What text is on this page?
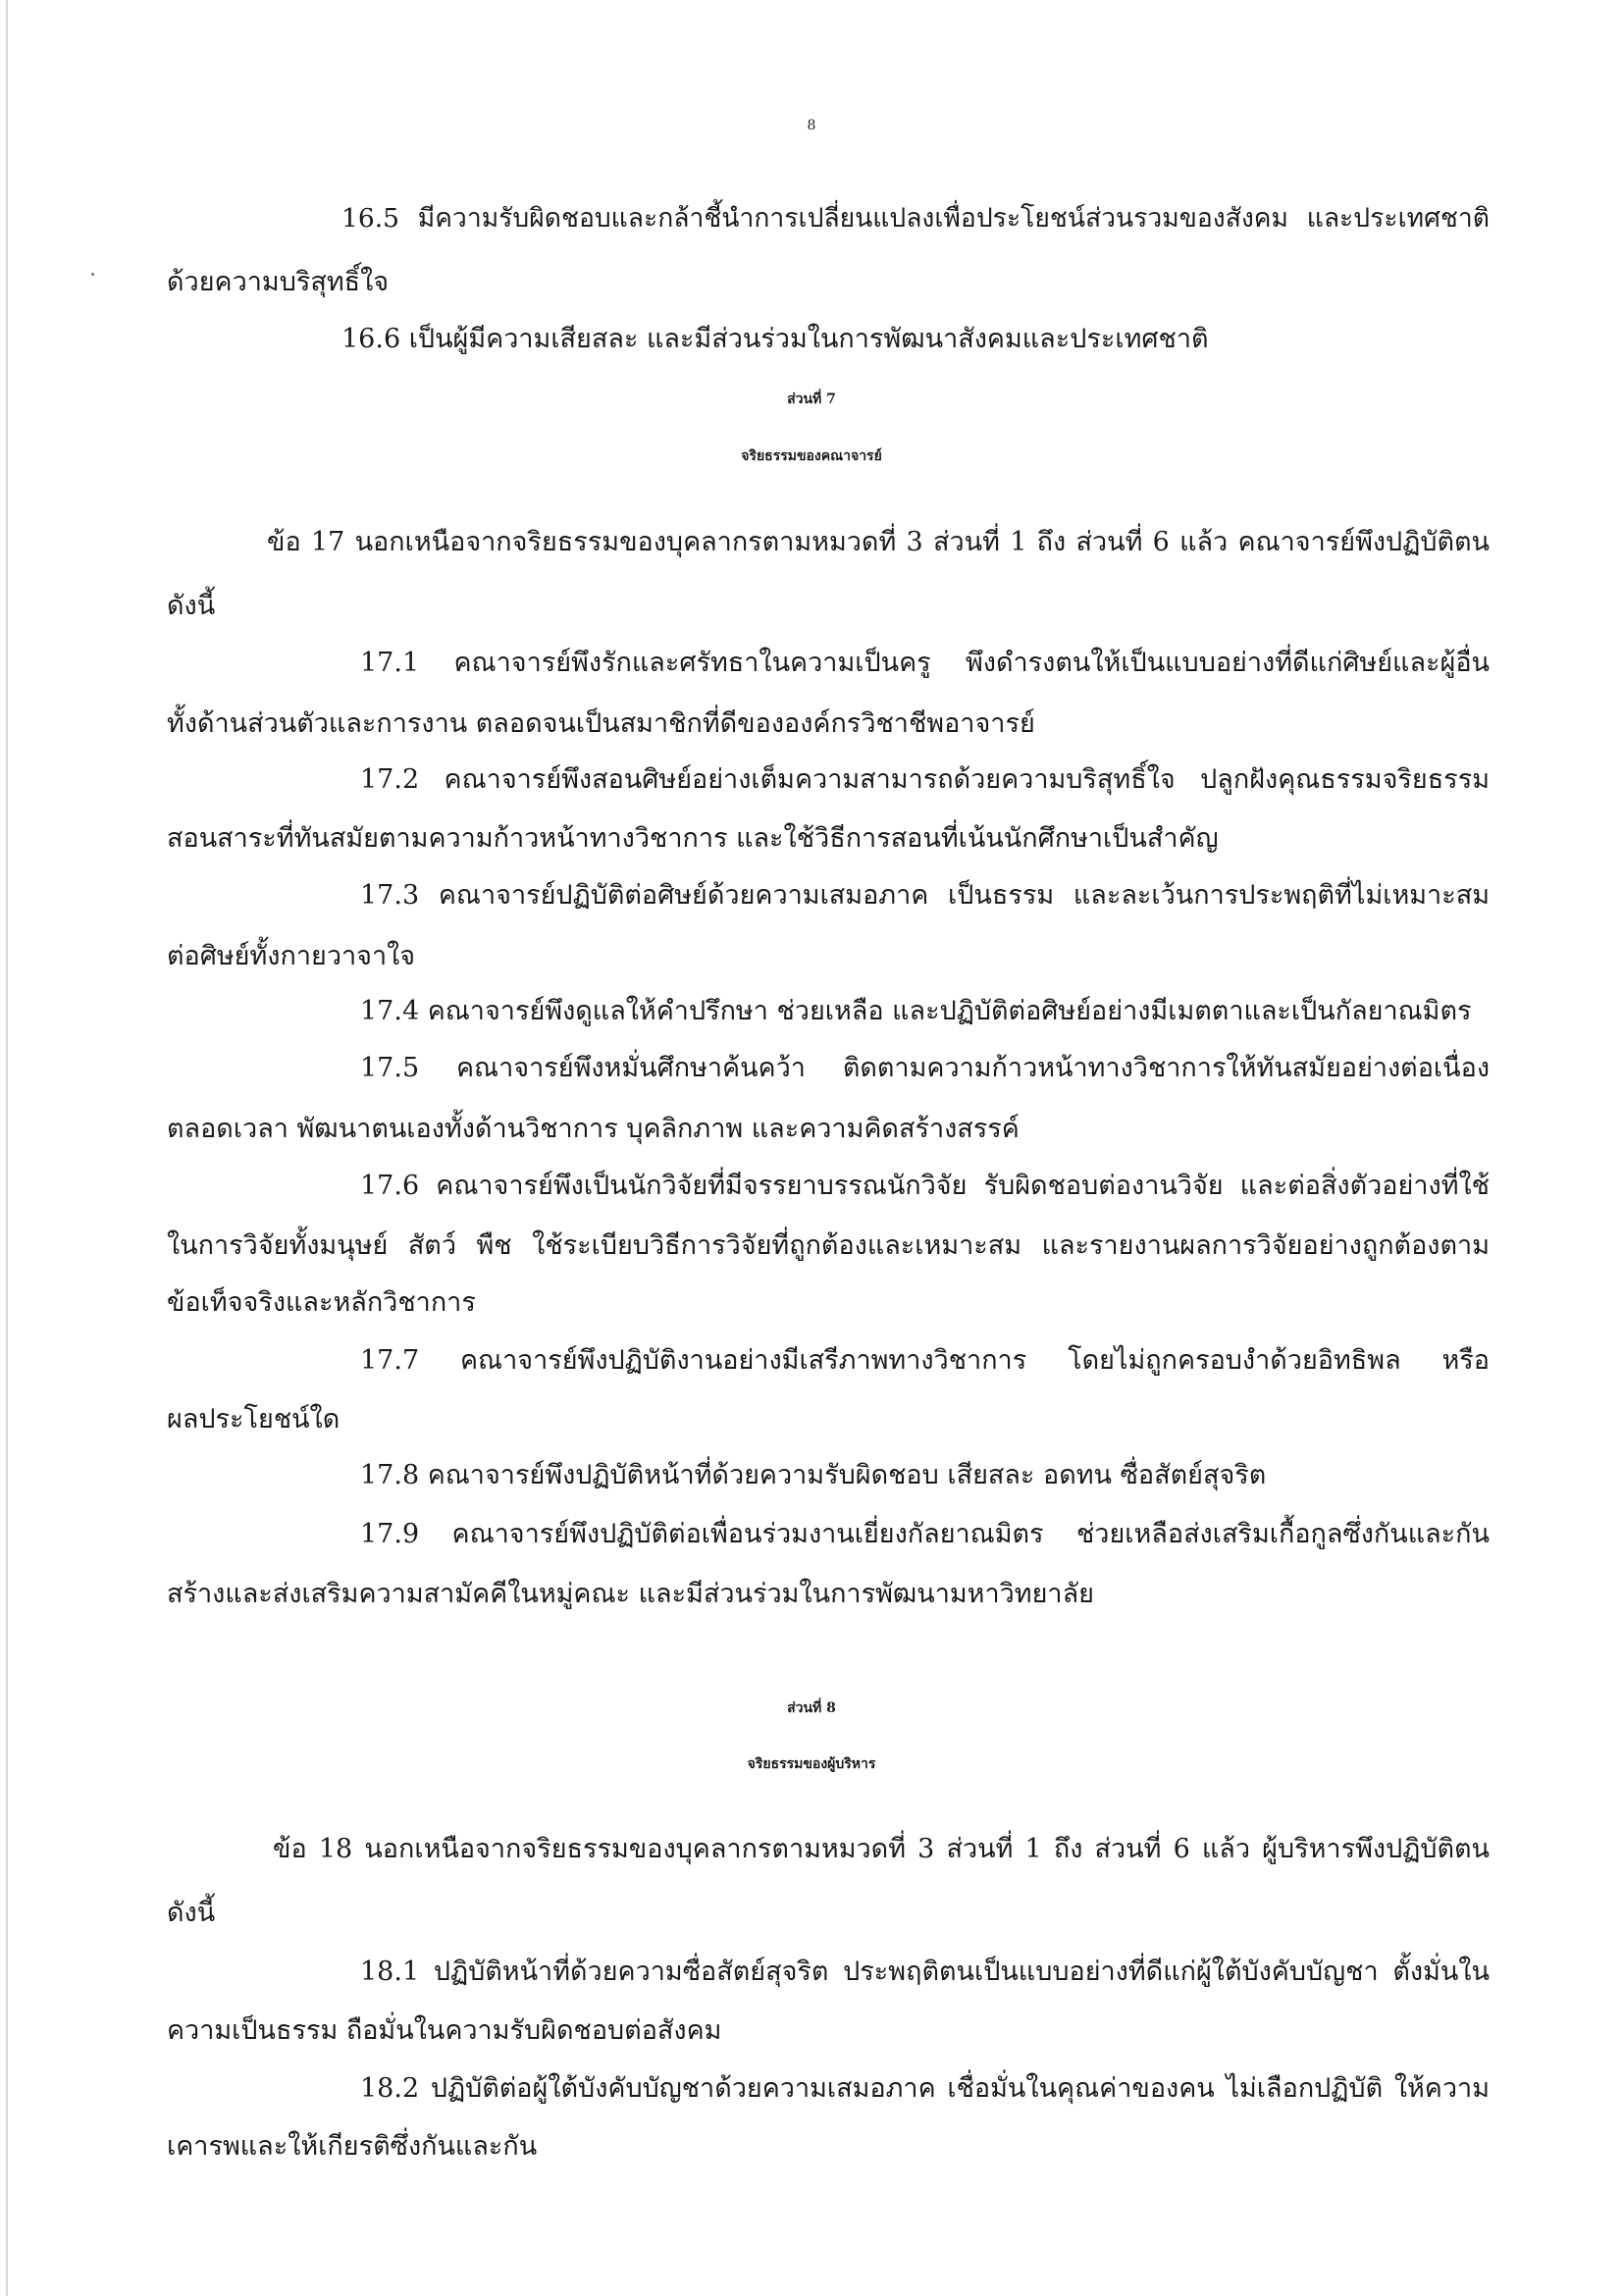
8
16.5 มีความรับผิดชอบและกล้าชี้นำการเปลี่ยนแปลงเพื่อประโยชน์ส่วนรวมของสังคม และประเทศชาติ
ด้วยความบริสุทธิ์ใจ
16.6 เป็นผู้มีความเสียสละ และมีส่วนร่วมในการพัฒนาสังคมและประเทศชาติ
ส่วนที่ 7
จริยธรรมของคณาจารย์
ข้อ 17 นอกเหนือจากจริยธรรมของบุคลากรตามหมวดที่ 3 ส่วนที่ 1 ถึง ส่วนที่ 6 แล้ว คณาจารย์พึงปฏิบัติตน
ดังนี้
17.1 คณาจารย์พึงรักและศรัทธาในความเป็นครู พึงดำรงตนให้เป็นแบบอย่างที่ดีแก่ศิษย์และผู้อื่น
ทั้งด้านส่วนตัวและการงาน ตลอดจนเป็นสมาชิกที่ดีขององค์กรวิชาชีพอาจารย์
17.2 คณาจารย์พึงสอนศิษย์อย่างเต็มความสามารถด้วยความบริสุทธิ์ใจ ปลูกฝังคุณธรรมจริยธรรม
สอนสาระที่ทันสมัยตามความก้าวหน้าทางวิชาการ และใช้วิธีการสอนที่เน้นนักศึกษาเป็นสำคัญ
17.3 คณาจารย์ปฏิบัติต่อศิษย์ด้วยความเสมอภาค เป็นธรรม และละเว้นการประพฤติที่ไม่เหมาะสม
ต่อศิษย์ทั้งกายวาจาใจ
17.4 คณาจารย์พึงดูแลให้คำปรึกษา ช่วยเหลือ และปฏิบัติต่อศิษย์อย่างมีเมตตาและเป็นกัลยาณมิตร
17.5 คณาจารย์พึงหมั่นศึกษาค้นคว้า ติดตามความก้าวหน้าทางวิชาการให้ทันสมัยอย่างต่อเนื่อง
ตลอดเวลา พัฒนาตนเองทั้งด้านวิชาการ บุคลิกภาพ และความคิดสร้างสรรค์
17.6 คณาจารย์พึงเป็นนักวิจัยที่มีจรรยาบรรณนักวิจัย รับผิดชอบต่องานวิจัย และต่อสิ่งตัวอย่างที่ใช้
ในการวิจัยทั้งมนุษย์ สัตว์ พืช ใช้ระเบียบวิธีการวิจัยที่ถูกต้องและเหมาะสม และรายงานผลการวิจัยอย่างถูกต้องตาม
ข้อเท็จจริงและหลักวิชาการ
17.7 คณาจารย์พึงปฏิบัติงานอย่างมีเสรีภาพทางวิชาการ โดยไม่ถูกครอบงำด้วยอิทธิพล หรือ
ผลประโยชน์ใด
17.8 คณาจารย์พึงปฏิบัติหน้าที่ด้วยความรับผิดชอบ เสียสละ อดทน ซื่อสัตย์สุจริต
17.9 คณาจารย์พึงปฏิบัติต่อเพื่อนร่วมงานเยี่ยงกัลยาณมิตร ช่วยเหลือส่งเสริมเกื้อกูลซึ่งกันและกัน
สร้างและส่งเสริมความสามัคคีในหมู่คณะ และมีส่วนร่วมในการพัฒนามหาวิทยาลัย
ส่วนที่ 8
จริยธรรมของผู้บริหาร
ข้อ 18 นอกเหนือจากจริยธรรมของบุคลากรตามหมวดที่ 3 ส่วนที่ 1 ถึง ส่วนที่ 6 แล้ว ผู้บริหารพึงปฏิบัติตน
ดังนี้
18.1 ปฏิบัติหน้าที่ด้วยความซื่อสัตย์สุจริต ประพฤติตนเป็นแบบอย่างที่ดีแก่ผู้ใต้บังคับบัญชา ตั้งมั่นใน
ความเป็นธรรม ถือมั่นในความรับผิดชอบต่อสังคม
18.2 ปฏิบัติต่อผู้ใต้บังคับบัญชาด้วยความเสมอภาค เชื่อมั่นในคุณค่าของคน ไม่เลือกปฏิบัติ ให้ความ
เคารพและให้เกียรติซึ่งกันและกัน
